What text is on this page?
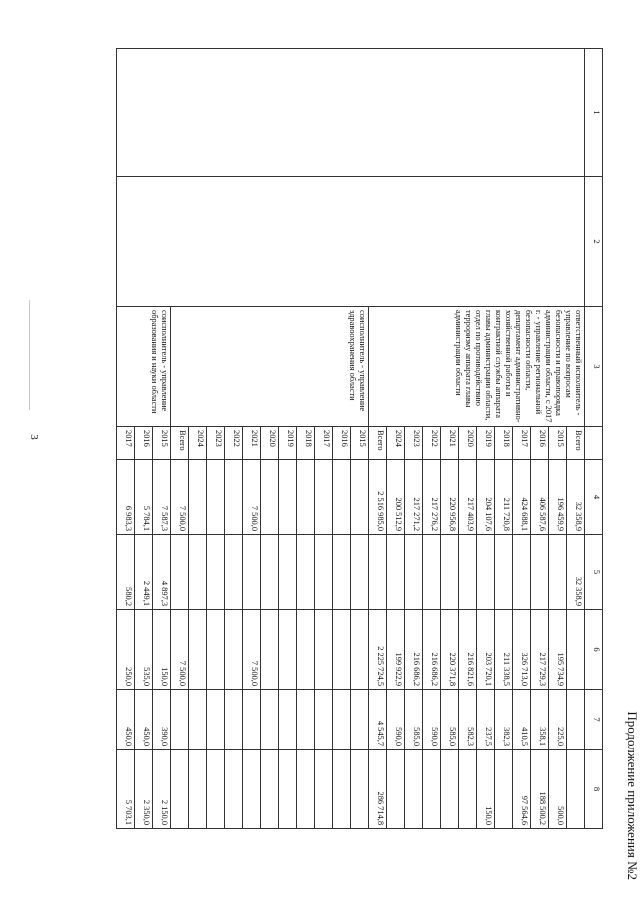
3
Продолжение приложения №2
1	2	3		4	5	6	7	8
		ответственный исполнитель - управление по вопросам безопасности и правопорядка администрации области, с 2017 г. - управление региональной безопасности области, департамент административно-хозяйственной работы и контрактной службы аппарата главы администрации области, отдел по противодействию терроризму аппарата главы администрации области	Всего	32 358,9	32 358,9			
			2015	196 459,9		195 734,9	225,0	500,0
			2016	406 587,6		217 729,3	358,1	188 500,2
			2017	424 688,1		326 713,0	410,5	97 564,6
			2018	211 720,8		211 338,5	382,3	
			2019	204 107,6		203 720,1	237,5	150,0
			2020	217 403,9		216 821,6	582,3	
			2021	220 956,8		220 371,8	585,0	
			2022	217 276,2		216 686,2	590,0	
			2023	217 271,2		216 686,2	585,0	
			2024	200 512,9		199 922,9	590,0	
			Всего	2 516 985,0		2 225 724,5	4 545,7	286 714,8
		соисполнитель - управление здравоохранения области	2015					
			2016					
			2017					
			2018					
			2019					
			2020					
			2021	7 500,0		7 500,0		
			2022					
			2023					
			2024					
			Всего	7 500,0		7 500,0		
		соисполнитель - управление образования и науки области	2015	7 587,3	4 897,3	150,0	390,0	2 150,0
			2016	5 784,1	2 449,1	535,0	450,0	2 350,0
			2017	6 983,3	580,2	250,0	450,0	5 703,1
